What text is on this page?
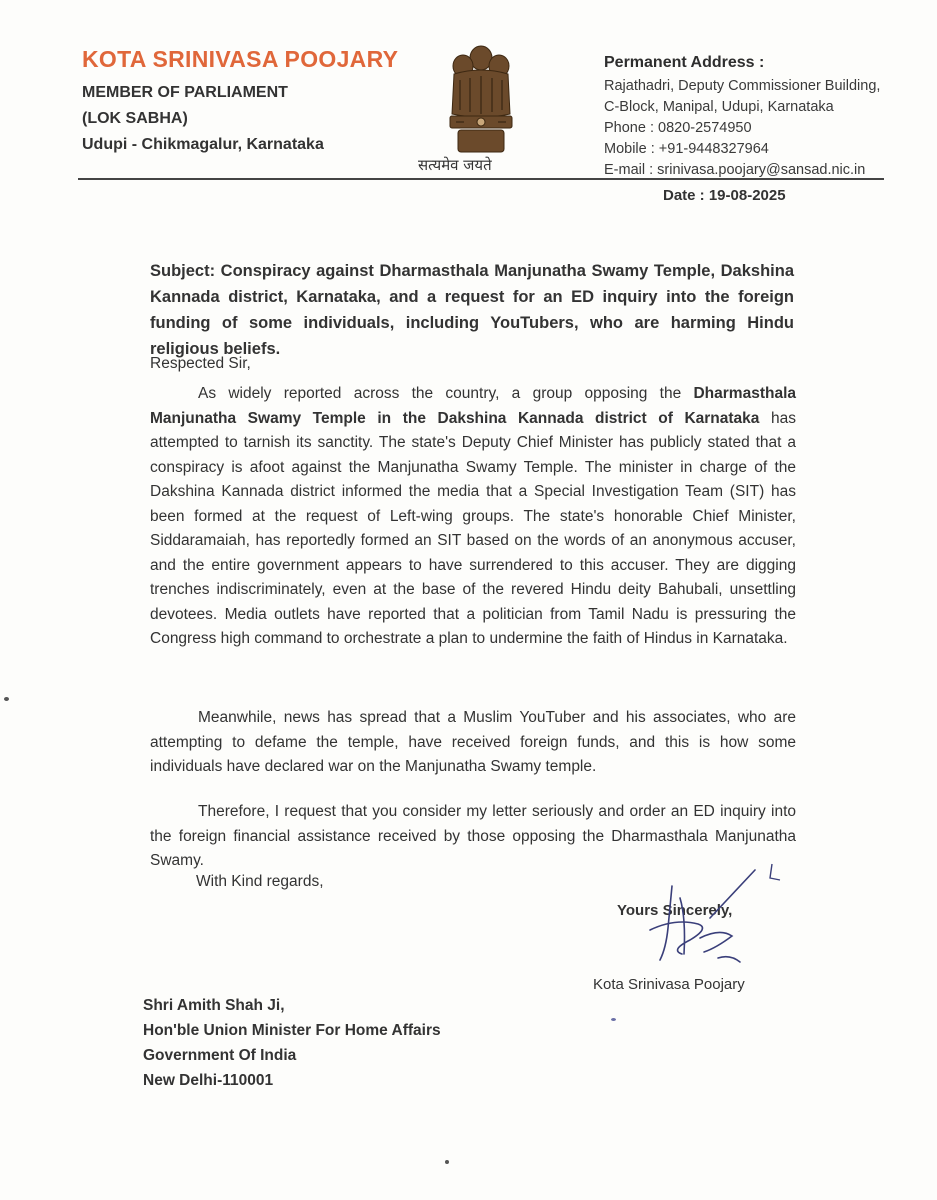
KOTA SRINIVASA POOJARY
MEMBER OF PARLIAMENT
(LOK SABHA)
Udupi - Chikmagalur, Karnataka
सत्यमेव जयते
Permanent Address :
Rajathadri, Deputy Commissioner Building,
C-Block, Manipal, Udupi, Karnataka
Phone : 0820-2574950
Mobile : +91-9448327964
E-mail : srinivasa.poojary@sansad.nic.in
Date : 19-08-2025
Subject: Conspiracy against Dharmasthala Manjunatha Swamy Temple, Dakshina Kannada district, Karnataka, and a request for an ED inquiry into the foreign funding of some individuals, including YouTubers, who are harming Hindu religious beliefs.
Respected Sir,
As widely reported across the country, a group opposing the Dharmasthala Manjunatha Swamy Temple in the Dakshina Kannada district of Karnataka has attempted to tarnish its sanctity. The state's Deputy Chief Minister has publicly stated that a conspiracy is afoot against the Manjunatha Swamy Temple. The minister in charge of the Dakshina Kannada district informed the media that a Special Investigation Team (SIT) has been formed at the request of Left-wing groups. The state's honorable Chief Minister, Siddaramaiah, has reportedly formed an SIT based on the words of an anonymous accuser, and the entire government appears to have surrendered to this accuser. They are digging trenches indiscriminately, even at the base of the revered Hindu deity Bahubali, unsettling devotees. Media outlets have reported that a politician from Tamil Nadu is pressuring the Congress high command to orchestrate a plan to undermine the faith of Hindus in Karnataka.
Meanwhile, news has spread that a Muslim YouTuber and his associates, who are attempting to defame the temple, have received foreign funds, and this is how some individuals have declared war on the Manjunatha Swamy temple.
Therefore, I request that you consider my letter seriously and order an ED inquiry into the foreign financial assistance received by those opposing the Dharmasthala Manjunatha Swamy.
With Kind regards,
Yours Sincerely,
Kota Srinivasa Poojary
Shri Amith Shah Ji,
Hon'ble Union Minister For Home Affairs
Government Of India
New Delhi-110001
